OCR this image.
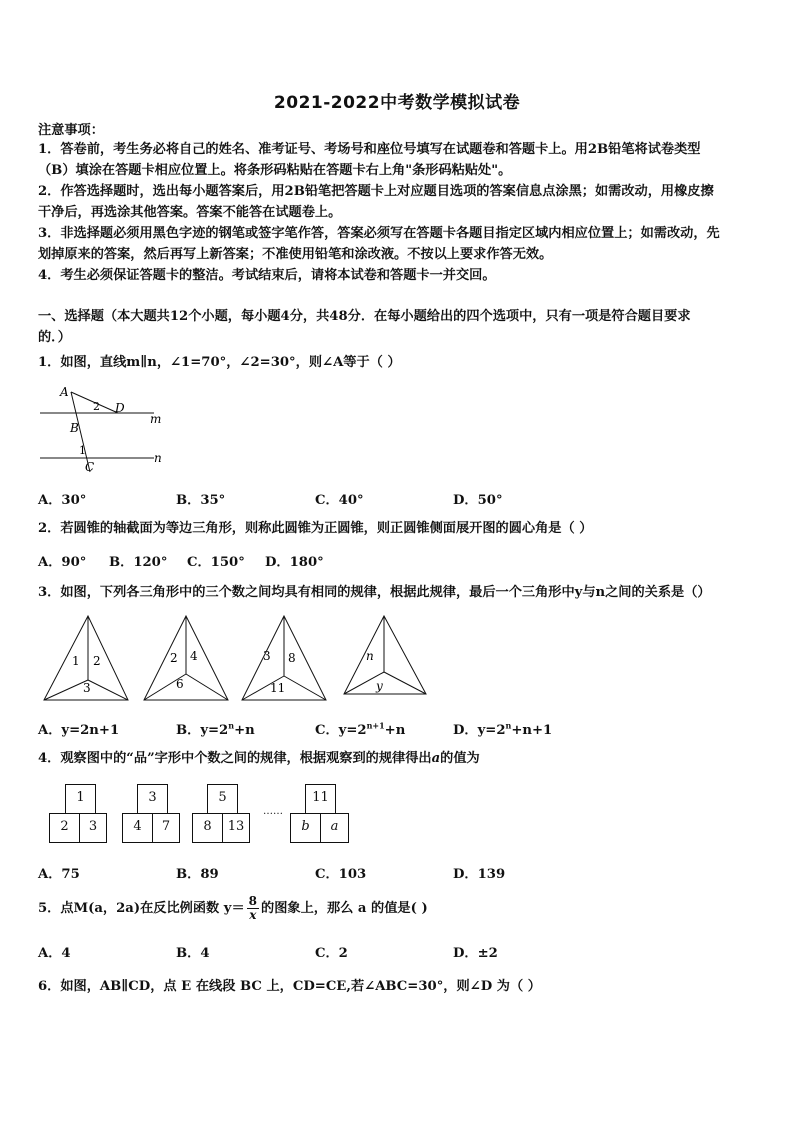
2021-2022中考数学模拟试卷
注意事项：
1．答卷前，考生务必将自己的姓名、准考证号、考场号和座位号填写在试题卷和答题卡上。用2B铅笔将试卷类型
（B）填涂在答题卡相应位置上。将条形码粘贴在答题卡右上角"条形码粘贴处"。
2．作答选择题时，选出每小题答案后，用2B铅笔把答题卡上对应题目选项的答案信息点涂黑；如需改动，用橡皮擦
干净后，再选涂其他答案。答案不能答在试题卷上。
3．非选择题必须用黑色字迹的钢笔或签字笔作答，答案必须写在答题卡各题目指定区域内相应位置上；如需改动，先
划掉原来的答案，然后再写上新答案；不准使用铅笔和涂改液。不按以上要求作答无效。
4．考生必须保证答题卡的整洁。考试结束后，请将本试卷和答题卡一并交回。
一、选择题（本大题共12个小题，每小题4分，共48分．在每小题给出的四个选项中，只有一项是符合题目要求
的．）
1．如图，直线m∥n，∠1=70°，∠2=30°，则∠A等于（ ）
A
D
B
C
m
n
1
2
A．30°	B．35°	C．40°	D．50°
2．若圆锥的轴截面为等边三角形，则称此圆锥为正圆锥，则正圆锥侧面展开图的圆心角是（ ）
A．90° B．120° C．150° D．180°
3．如图，下列各三角形中的三个数之间均具有相同的规律，根据此规律，最后一个三角形中y与n之间的关系是（）
1 2
3
2 4
6
3 8
11
n
y
A．y=2n+1	B．$y=2^n+n$	C．$y=2^{n+1}+n$	D．$y=2^n+n+1$
4．观察图中的“品”字形中个数之间的规律，根据观察到的规律得出a的值为
1
2	3
3
4	7
5
8	13
……
11
b	a
A．75	B．89	C．103	D．139
5．点M(a，2a)在反比例函数 $y= \frac{8}{x}$ 的图象上，那么 a 的值是( )
A．4	B．4	C．2	D．±2
6．如图，AB∥CD，点 E 在线段 BC 上，CD=CE,若∠ABC=30°，则∠D 为（ ）
